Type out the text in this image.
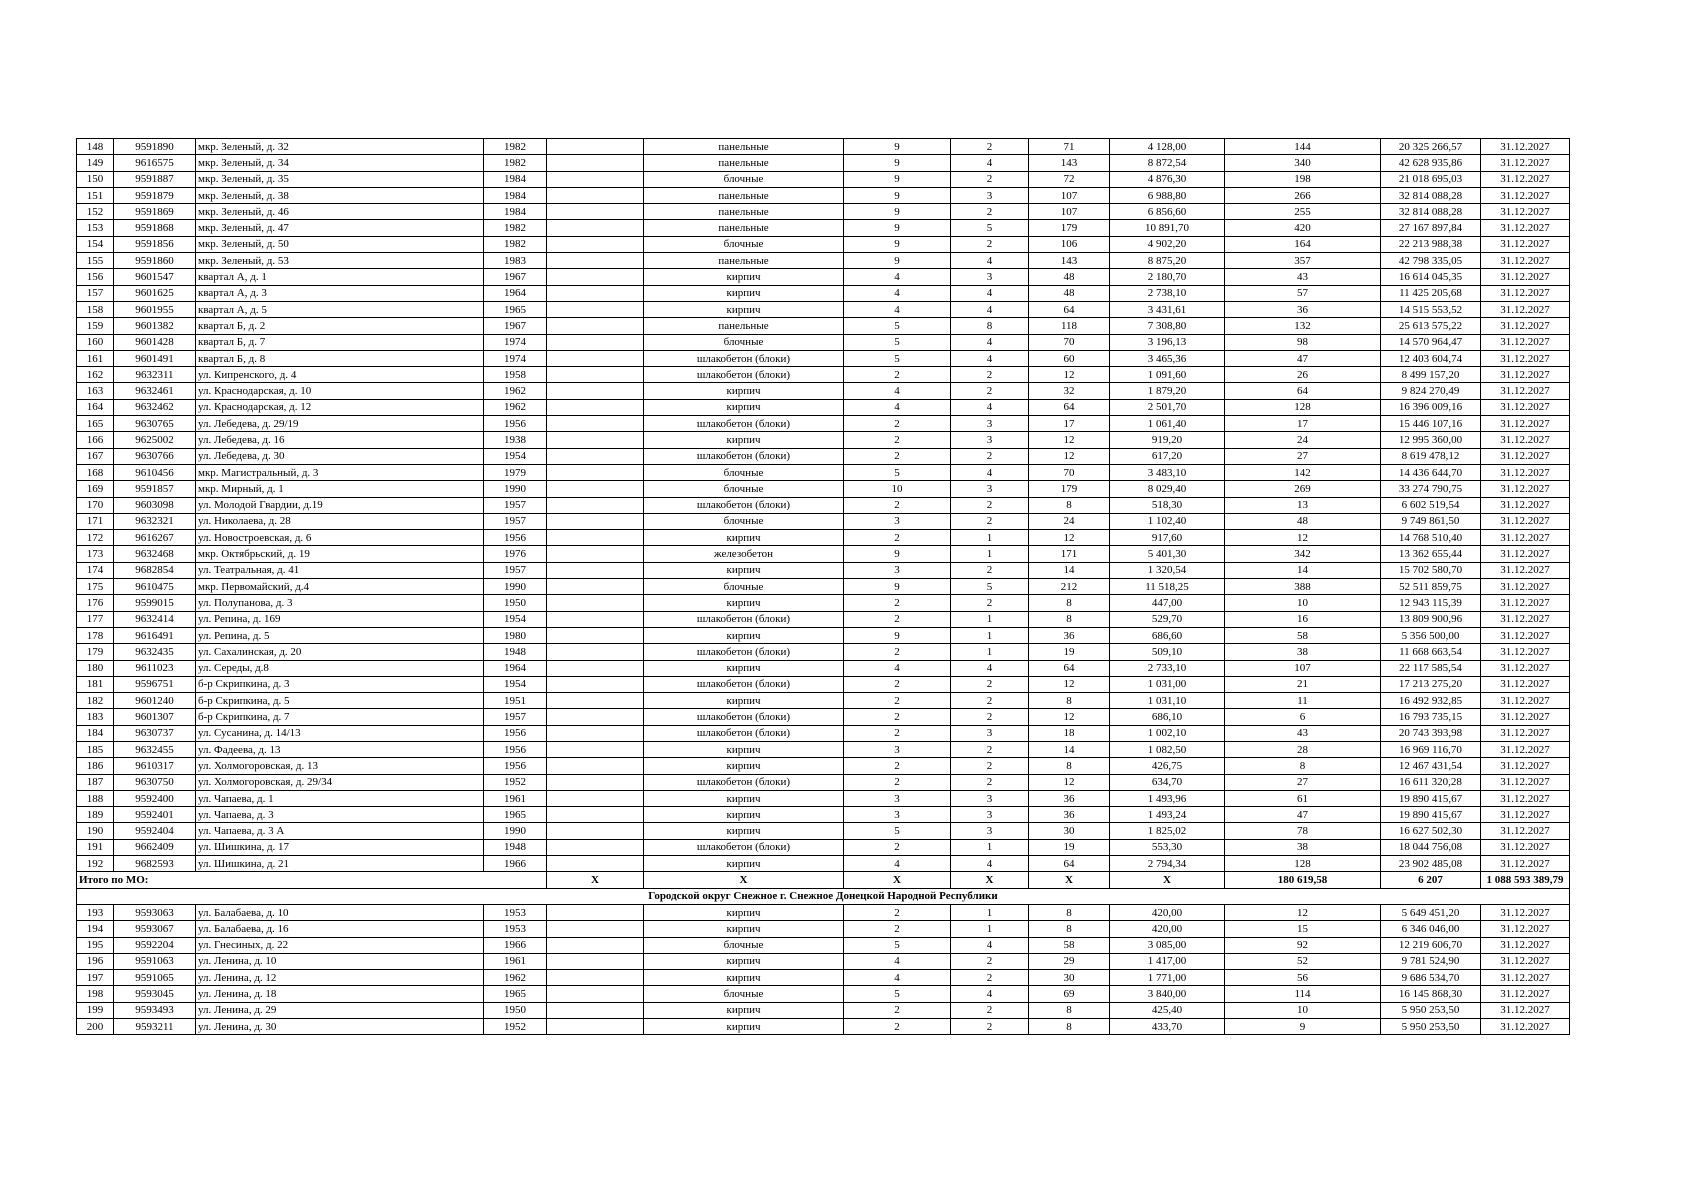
148	9591890	мкр. Зеленый, д. 32	1982		панельные	9	2	71	4 128,00	144	20 325 266,57	31.12.2027	
149	9616575	мкр. Зеленый, д. 34	1982		панельные	9	4	143	8 872,54	340	42 628 935,86	31.12.2027	
150	9591887	мкр. Зеленый, д. 35	1984		блочные	9	2	72	4 876,30	198	21 018 695,03	31.12.2027	
151	9591879	мкр. Зеленый, д. 38	1984		панельные	9	3	107	6 988,80	266	32 814 088,28	31.12.2027	
152	9591869	мкр. Зеленый, д. 46	1984		панельные	9	2	107	6 856,60	255	32 814 088,28	31.12.2027	
153	9591868	мкр. Зеленый, д. 47	1982		панельные	9	5	179	10 891,70	420	27 167 897,84	31.12.2027	
154	9591856	мкр. Зеленый, д. 50	1982		блочные	9	2	106	4 902,20	164	22 213 988,38	31.12.2027	
155	9591860	мкр. Зеленый, д. 53	1983		панельные	9	4	143	8 875,20	357	42 798 335,05	31.12.2027	
156	9601547	квартал А, д. 1	1967		кирпич	4	3	48	2 180,70	43	16 614 045,35	31.12.2027	
157	9601625	квартал А, д. 3	1964		кирпич	4	4	48	2 738,10	57	11 425 205,68	31.12.2027	
158	9601955	квартал А, д. 5	1965		кирпич	4	4	64	3 431,61	36	14 515 553,52	31.12.2027	
159	9601382	квартал Б, д. 2	1967		панельные	5	8	118	7 308,80	132	25 613 575,22	31.12.2027	
160	9601428	квартал Б, д. 7	1974		блочные	5	4	70	3 196,13	98	14 570 964,47	31.12.2027	
161	9601491	квартал Б, д. 8	1974		шлакобетон (блоки)	5	4	60	3 465,36	47	12 403 604,74	31.12.2027	
162	9632311	ул. Кипренского, д. 4	1958		шлакобетон (блоки)	2	2	12	1 091,60	26	8 499 157,20	31.12.2027	
163	9632461	ул. Краснодарская, д. 10	1962		кирпич	4	2	32	1 879,20	64	9 824 270,49	31.12.2027	
164	9632462	ул. Краснодарская, д. 12	1962		кирпич	4	4	64	2 501,70	128	16 396 009,16	31.12.2027	
165	9630765	ул. Лебедева, д. 29/19	1956		шлакобетон (блоки)	2	3	17	1 061,40	17	15 446 107,16	31.12.2027	
166	9625002	ул. Лебедева, д. 16	1938		кирпич	2	3	12	919,20	24	12 995 360,00	31.12.2027	
167	9630766	ул. Лебедева, д. 30	1954		шлакобетон (блоки)	2	2	12	617,20	27	8 619 478,12	31.12.2027	
168	9610456	мкр. Магистральный, д. 3	1979		блочные	5	4	70	3 483,10	142	14 436 644,70	31.12.2027	
169	9591857	мкр. Мирный, д. 1	1990		блочные	10	3	179	8 029,40	269	33 274 790,75	31.12.2027	
170	9603098	ул. Молодой Гвардии, д.19	1957		шлакобетон (блоки)	2	2	8	518,30	13	6 602 519,54	31.12.2027	
171	9632321	ул. Николаева, д. 28	1957		блочные	3	2	24	1 102,40	48	9 749 861,50	31.12.2027	
172	9616267	ул. Новостроевская, д. 6	1956		кирпич	2	1	12	917,60	12	14 768 510,40	31.12.2027	
173	9632468	мкр. Октябрьский, д. 19	1976		железобетон	9	1	171	5 401,30	342	13 362 655,44	31.12.2027	
174	9682854	ул. Театральная, д. 41	1957		кирпич	3	2	14	1 320,54	14	15 702 580,70	31.12.2027	
175	9610475	мкр. Первомайский, д.4	1990		блочные	9	5	212	11 518,25	388	52 511 859,75	31.12.2027	
176	9599015	ул. Полупанова, д. 3	1950		кирпич	2	2	8	447,00	10	12 943 115,39	31.12.2027	
177	9632414	ул. Репина, д. 169	1954		шлакобетон (блоки)	2	1	8	529,70	16	13 809 900,96	31.12.2027	
178	9616491	ул. Репина, д. 5	1980		кирпич	9	1	36	686,60	58	5 356 500,00	31.12.2027	
179	9632435	ул. Сахалинская, д. 20	1948		шлакобетон (блоки)	2	1	19	509,10	38	11 668 663,54	31.12.2027	
180	9611023	ул. Середы, д.8	1964		кирпич	4	4	64	2 733,10	107	22 117 585,54	31.12.2027	
181	9596751	б-р Скрипкина, д. 3	1954		шлакобетон (блоки)	2	2	12	1 031,00	21	17 213 275,20	31.12.2027	
182	9601240	б-р Скрипкина, д. 5	1951		кирпич	2	2	8	1 031,10	11	16 492 932,85	31.12.2027	
183	9601307	б-р Скрипкина, д. 7	1957		шлакобетон (блоки)	2	2	12	686,10	6	16 793 735,15	31.12.2027	
184	9630737	ул. Сусанина, д. 14/13	1956		шлакобетон (блоки)	2	3	18	1 002,10	43	20 743 393,98	31.12.2027	
185	9632455	ул. Фадеева, д. 13	1956		кирпич	3	2	14	1 082,50	28	16 969 116,70	31.12.2027	
186	9610317	ул. Холмогоровская, д. 13	1956		кирпич	2	2	8	426,75	8	12 467 431,54	31.12.2027	
187	9630750	ул. Холмогоровская, д. 29/34	1952		шлакобетон (блоки)	2	2	12	634,70	27	16 611 320,28	31.12.2027	
188	9592400	ул. Чапаева, д. 1	1961		кирпич	3	3	36	1 493,96	61	19 890 415,67	31.12.2027	
189	9592401	ул. Чапаева, д. 3	1965		кирпич	3	3	36	1 493,24	47	19 890 415,67	31.12.2027	
190	9592404	ул. Чапаева, д. 3 А	1990		кирпич	5	3	30	1 825,02	78	16 627 502,30	31.12.2027	
191	9662409	ул. Шишкина, д. 17	1948		шлакобетон (блоки)	2	1	19	553,30	38	18 044 756,08	31.12.2027	
192	9682593	ул. Шишкина, д. 21	1966		кирпич	4	4	64	2 794,34	128	23 902 485,08	31.12.2027	
Итого по МО:				X	X	X	X	X	X	180 619,58	6 207	1 088 593 389,79	
Городской округ Снежное г. Снежное Донецкой Народной Республики													
193	9593063	ул. Балабаева, д. 10	1953		кирпич	2	1	8	420,00	12	5 649 451,20	31.12.2027	
194	9593067	ул. Балабаева, д. 16	1953		кирпич	2	1	8	420,00	15	6 346 046,00	31.12.2027	
195	9592204	ул. Гнесиных, д. 22	1966		блочные	5	4	58	3 085,00	92	12 219 606,70	31.12.2027	
196	9591063	ул. Ленина, д. 10	1961		кирпич	4	2	29	1 417,00	52	9 781 524,90	31.12.2027	
197	9591065	ул. Ленина, д. 12	1962		кирпич	4	2	30	1 771,00	56	9 686 534,70	31.12.2027	
198	9593045	ул. Ленина, д. 18	1965		блочные	5	4	69	3 840,00	114	16 145 868,30	31.12.2027	
199	9593493	ул. Ленина, д. 29	1950		кирпич	2	2	8	425,40	10	5 950 253,50	31.12.2027	
200	9593211	ул. Ленина, д. 30	1952		кирпич	2	2	8	433,70	9	5 950 253,50	31.12.2027	
